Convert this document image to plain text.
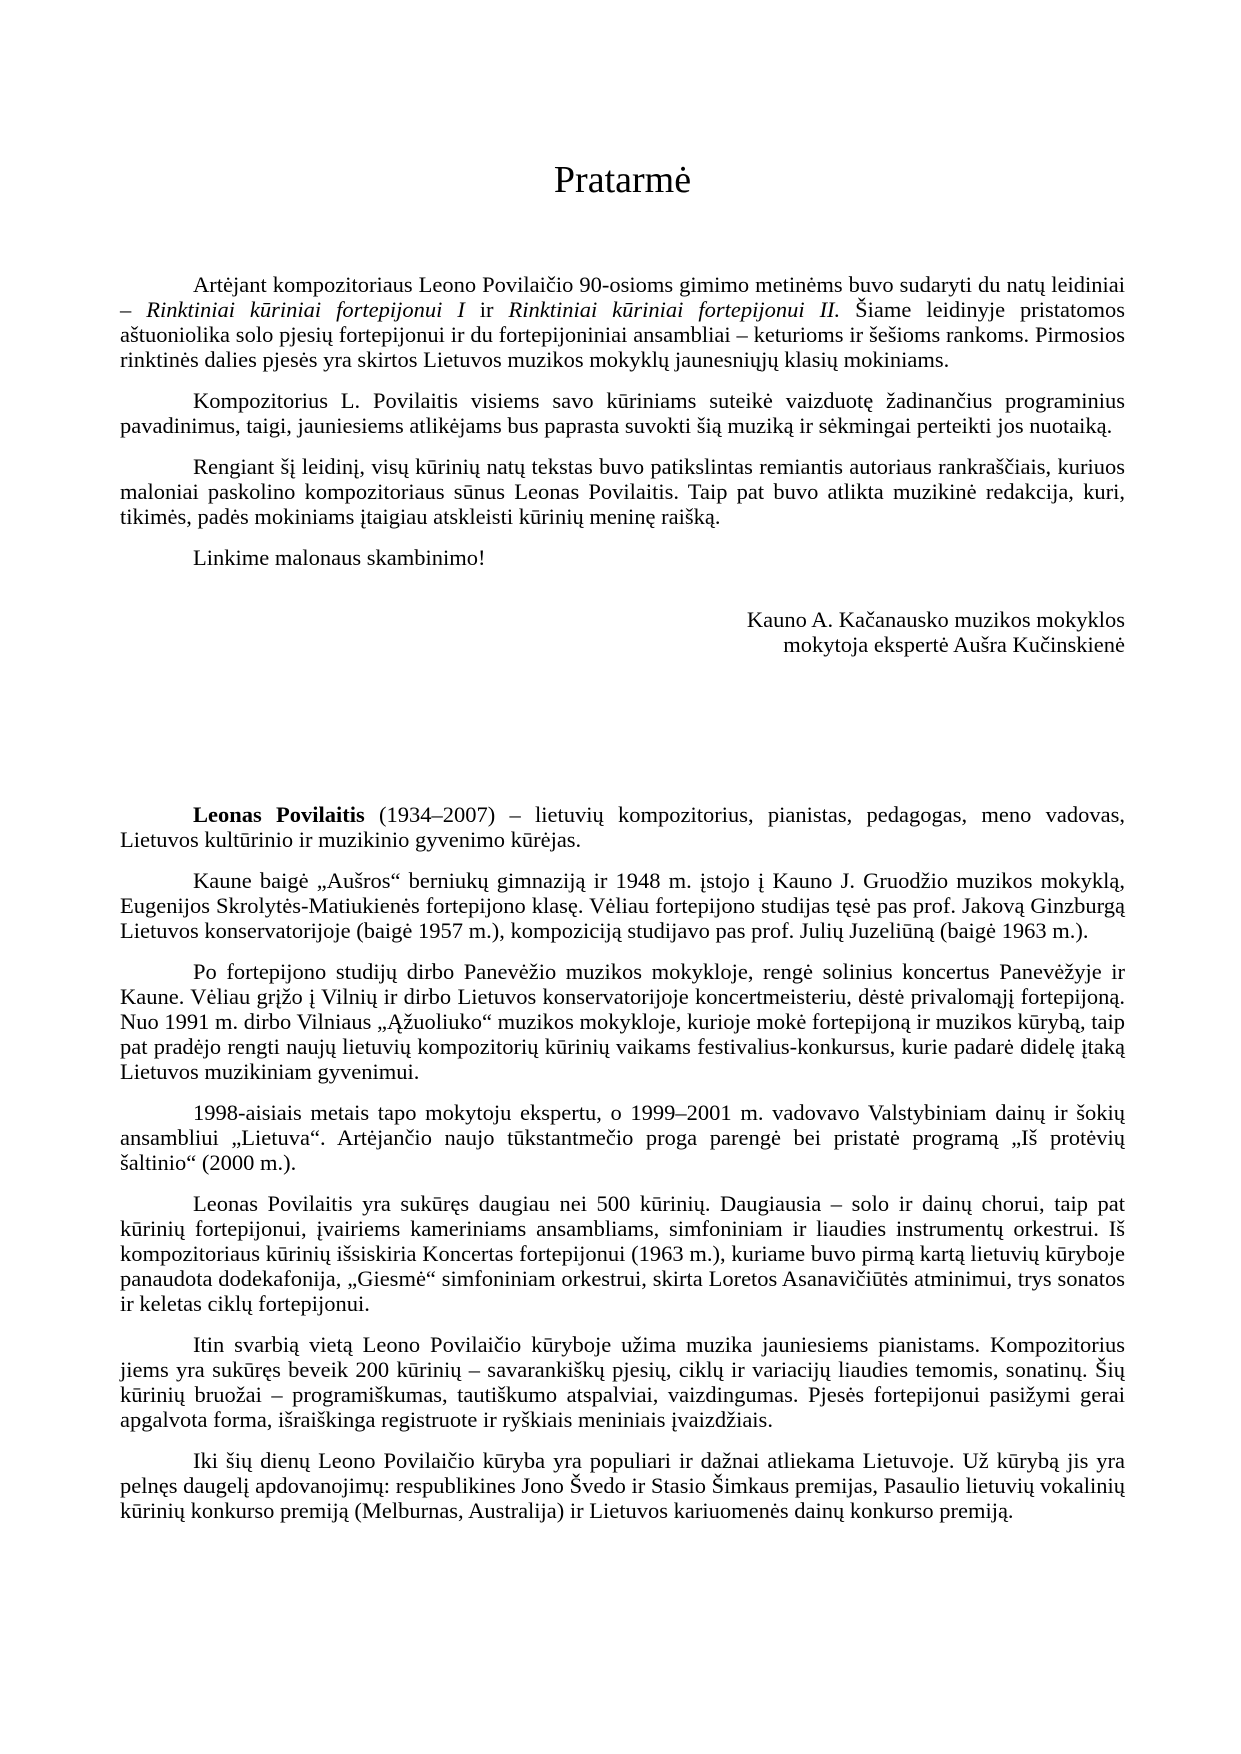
Pratarmė

Artėjant kompozitoriaus Leono Povilaičio 90-osioms gimimo metinėms buvo sudaryti du natų leidiniai – Rinktiniai kūriniai fortepijonui I ir Rinktiniai kūriniai fortepijonui II. Šiame leidinyje pristatomos aštuoniolika solo pjesių fortepijonui ir du fortepijoniniai ansambliai – keturioms ir šešioms rankoms. Pirmosios rinktinės dalies pjesės yra skirtos Lietuvos muzikos mokyklų jaunesniųjų klasių mokiniams.

Kompozitorius L. Povilaitis visiems savo kūriniams suteikė vaizduotę žadinančius programinius pavadinimus, taigi, jauniesiems atlikėjams bus paprasta suvokti šią muziką ir sėkmingai perteikti jos nuotaiką.

Rengiant šį leidinį, visų kūrinių natų tekstas buvo patikslintas remiantis autoriaus rankraščiais, kuriuos maloniai paskolino kompozitoriaus sūnus Leonas Povilaitis. Taip pat buvo atlikta muzikinė redakcija, kuri, tikimės, padės mokiniams įtaigiau atskleisti kūrinių meninę raišką.

Linkime malonaus skambinimo!

Kauno A. Kačanausko muzikos mokyklos
mokytoja ekspertė Aušra Kučinskienė

Leonas Povilaitis (1934–2007) – lietuvių kompozitorius, pianistas, pedagogas, meno vadovas, Lietuvos kultūrinio ir muzikinio gyvenimo kūrėjas.

Kaune baigė „Aušros“ berniukų gimnaziją ir 1948 m. įstojo į Kauno J. Gruodžio muzikos mokyklą, Eugenijos Skrolytės-Matiukienės fortepijono klasę. Vėliau fortepijono studijas tęsė pas prof. Jakovą Ginzburgą Lietuvos konservatorijoje (baigė 1957 m.), kompoziciją studijavo pas prof. Julių Juzeliūną (baigė 1963 m.).

Po fortepijono studijų dirbo Panevėžio muzikos mokykloje, rengė solinius koncertus Panevėžyje ir Kaune. Vėliau grįžo į Vilnių ir dirbo Lietuvos konservatorijoje koncertmeisteriu, dėstė privalomąjį fortepijoną. Nuo 1991 m. dirbo Vilniaus „Ąžuoliuko“ muzikos mokykloje, kurioje mokė fortepijoną ir muzikos kūrybą, taip pat pradėjo rengti naujų lietuvių kompozitorių kūrinių vaikams festivalius-konkursus, kurie padarė didelę įtaką Lietuvos muzikiniam gyvenimui.

1998-aisiais metais tapo mokytoju ekspertu, o 1999–2001 m. vadovavo Valstybiniam dainų ir šokių ansambliui „Lietuva“. Artėjančio naujo tūkstantmečio proga parengė bei pristatė programą „Iš protėvių šaltinio“ (2000 m.).

Leonas Povilaitis yra sukūręs daugiau nei 500 kūrinių. Daugiausia – solo ir dainų chorui, taip pat kūrinių fortepijonui, įvairiems kameriniams ansambliams, simfoniniam ir liaudies instrumentų orkestrui. Iš kompozitoriaus kūrinių išsiskiria Koncertas fortepijonui (1963 m.), kuriame buvo pirmą kartą lietuvių kūryboje panaudota dodekafonija, „Giesmė“ simfoniniam orkestrui, skirta Loretos Asanavičiūtės atminimui, trys sonatos ir keletas ciklų fortepijonui.

Itin svarbią vietą Leono Povilaičio kūryboje užima muzika jauniesiems pianistams. Kompozitorius jiems yra sukūręs beveik 200 kūrinių – savarankiškų pjesių, ciklų ir variacijų liaudies temomis, sonatinų. Šių kūrinių bruožai – programiškumas, tautiškumo atspalviai, vaizdingumas. Pjesės fortepijonui pasižymi gerai apgalvota forma, išraiškinga registruote ir ryškiais meniniais įvaizdžiais.

Iki šių dienų Leono Povilaičio kūryba yra populiari ir dažnai atliekama Lietuvoje. Už kūrybą jis yra pelnęs daugelį apdovanojimų: respublikines Jono Švedo ir Stasio Šimkaus premijas, Pasaulio lietuvių vokalinių kūrinių konkurso premiją (Melburnas, Australija) ir Lietuvos kariuomenės dainų konkurso premiją.
